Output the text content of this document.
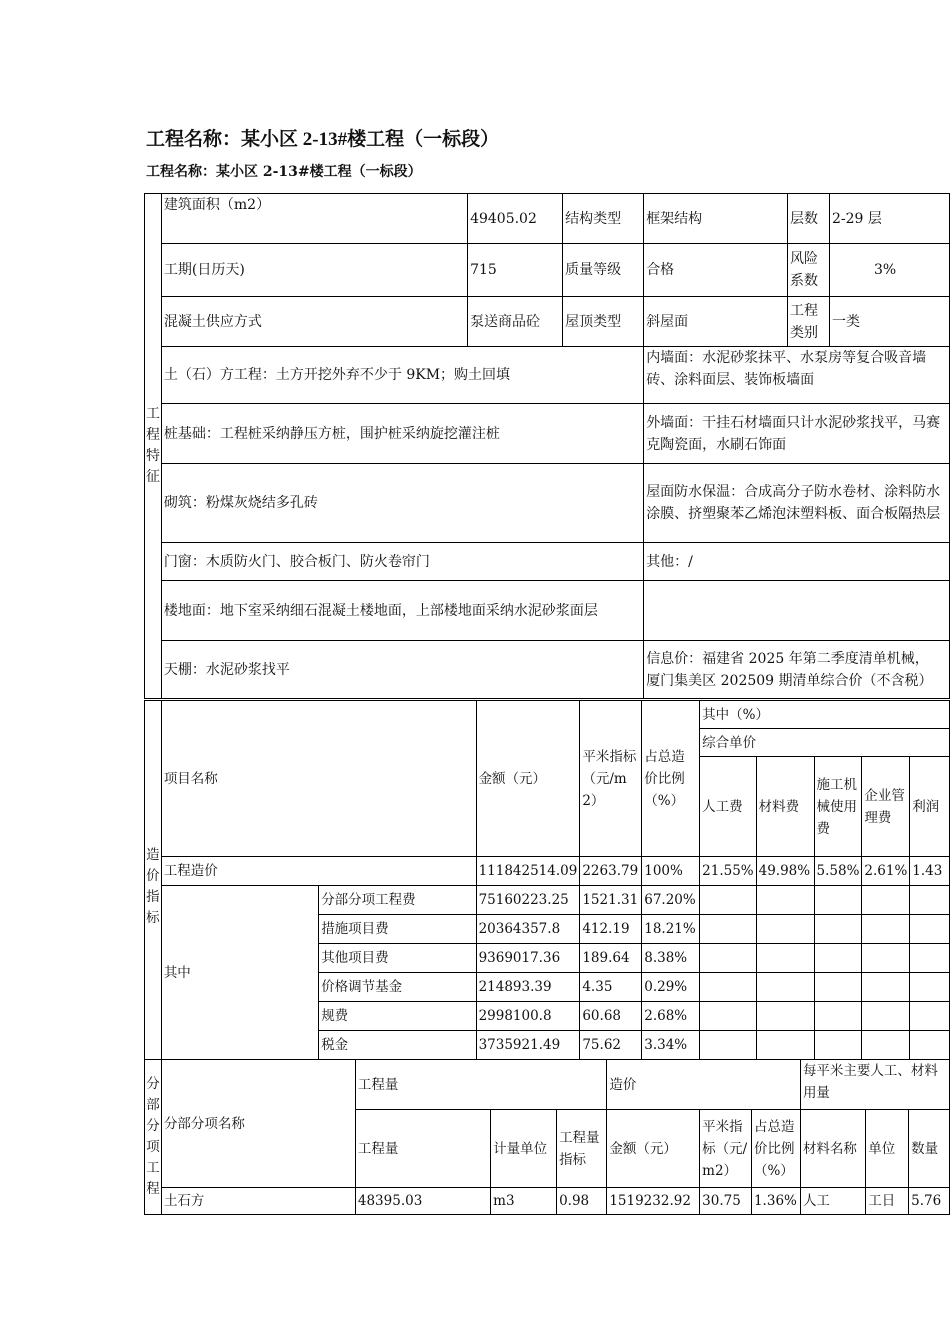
工程名称：某小区 2-13#楼工程（一标段）
工程名称：某小区 2-13#楼工程（一标段）
工程特征	建筑面积（m2）	49405.02	结构类型	框架结构	层数	2-29 层
	工期(日历天)	715	质量等级	合格	风险系数	3%
	混凝土供应方式	泵送商品砼	屋顶类型	斜屋面	工程类别	一类
	土（石）方工程：土方开挖外弃不少于 9KM；购土回填			内墙面：水泥砂浆抹平、水泵房等复合吸音墙砖、涂料面层、装饰板墙面		

	桩基础：工程桩采纳静压方桩，围护桩采纳旋挖灌注桩			外墙面：干挂石材墙面只计水泥砂浆找平，马赛克陶瓷面，水刷石饰面		

	砌筑：粉煤灰烧结多孔砖			屋面防水保温：合成高分子防水卷材、涂料防水涂膜、挤塑聚苯乙烯泡沫塑料板、面合板隔热层		

	门窗：木质防火门、胶合板门、防火卷帘门			其他：/		
	楼地面：地下室采纳细石混凝土楼地面，上部楼地面采纳水泥砂浆面层					
	天棚：水泥砂浆找平			信息价：福建省 2025 年第二季度清单机械，厦门集美区 202509 期清单综合价（不含税）		
造价指标	项目名称		金额（元）	平米指标（元/m2）	占总造价比例（%）	其中（%）				
						综合单价				
						人工费	材料费	施工机械使用费	企业管理费	利润
	工程造价		111842514.09	2263.79	100%	21.55%	49.98%	5.58%	2.61%	1.43
	其中	分部分项工程费	75160223.25	1521.31	67.20%					
		措施项目费	20364357.8	412.19	18.21%					
		其他项目费	9369017.36	189.64	8.38%					
		价格调节基金	214893.39	4.35	0.29%					
		规费	2998100.8	60.68	2.68%					
		税金	3735921.49	75.62	3.34%					
分部分项工程	分部分项名称	工程量			造价			每平米主要人工、材料用量		

		工程量	计量单位	工程量指标	金额（元）	平米指标（元/m2）	占总造价比例（%）	材料名称	单位	数量
	土石方	48395.03	m3	0.98	1519232.92	30.75	1.36%	人工	工日	5.76
